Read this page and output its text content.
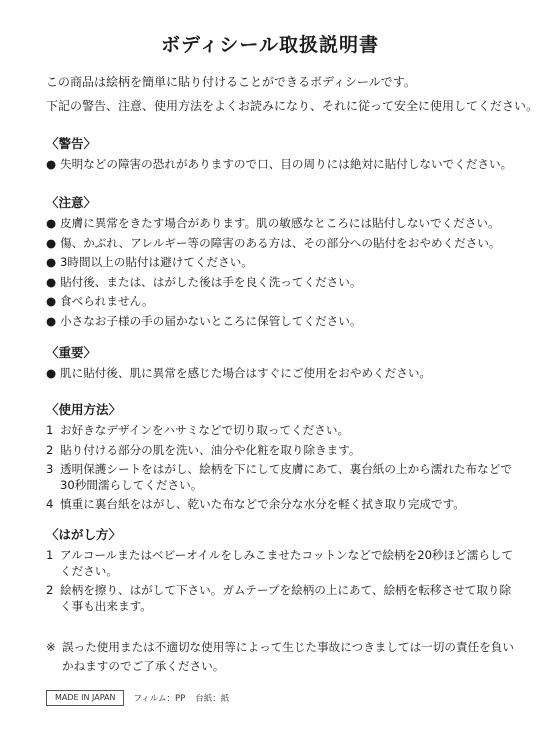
ボディシール取扱説明書

この商品は絵柄を簡単に貼り付けることができるボディシールです。

下記の警告、注意、使用方法をよくお読みになり、それに従って安全に使用してください。

〈警告〉
● 失明などの障害の恐れがありますので口、目の周りには絶対に貼付しないでください。
〈注意〉
● 皮膚に異常をきたす場合があります。肌の敏感なところには貼付しないでください。
● 傷、かぶれ、アレルギー等の障害のある方は、その部分への貼付をおやめください。
● 3時間以上の貼付は避けてください。
● 貼付後、または、はがした後は手を良く洗ってください。
● 食べられません。
● 小さなお子様の手の届かないところに保管してください。
〈重要〉
● 肌に貼付後、肌に異常を感じた場合はすぐにご使用をおやめください。
〈使用方法〉
1 お好きなデザインをハサミなどで切り取ってください。
2 貼り付ける部分の肌を洗い、油分や化粧を取り除きます。
3 透明保護シートをはがし、絵柄を下にして皮膚にあて、裏台紙の上から濡れた布などで30秒間濡らしてください。
4 慎重に裏台紙をはがし、乾いた布などで余分な水分を軽く拭き取り完成です。
〈はがし方〉
1 アルコールまたはベビーオイルをしみこませたコットンなどで絵柄を20秒ほど濡らしてください。
2 絵柄を擦り、はがして下さい。ガムテープを絵柄の上にあて、絵柄を転移させて取り除く事も出来ます。
※ 誤った使用または不適切な使用等によって生じた事故につきましては一切の責任を負いかねますのでご了承ください。
MADE IN JAPAN	フィルム：PP 台紙：紙
